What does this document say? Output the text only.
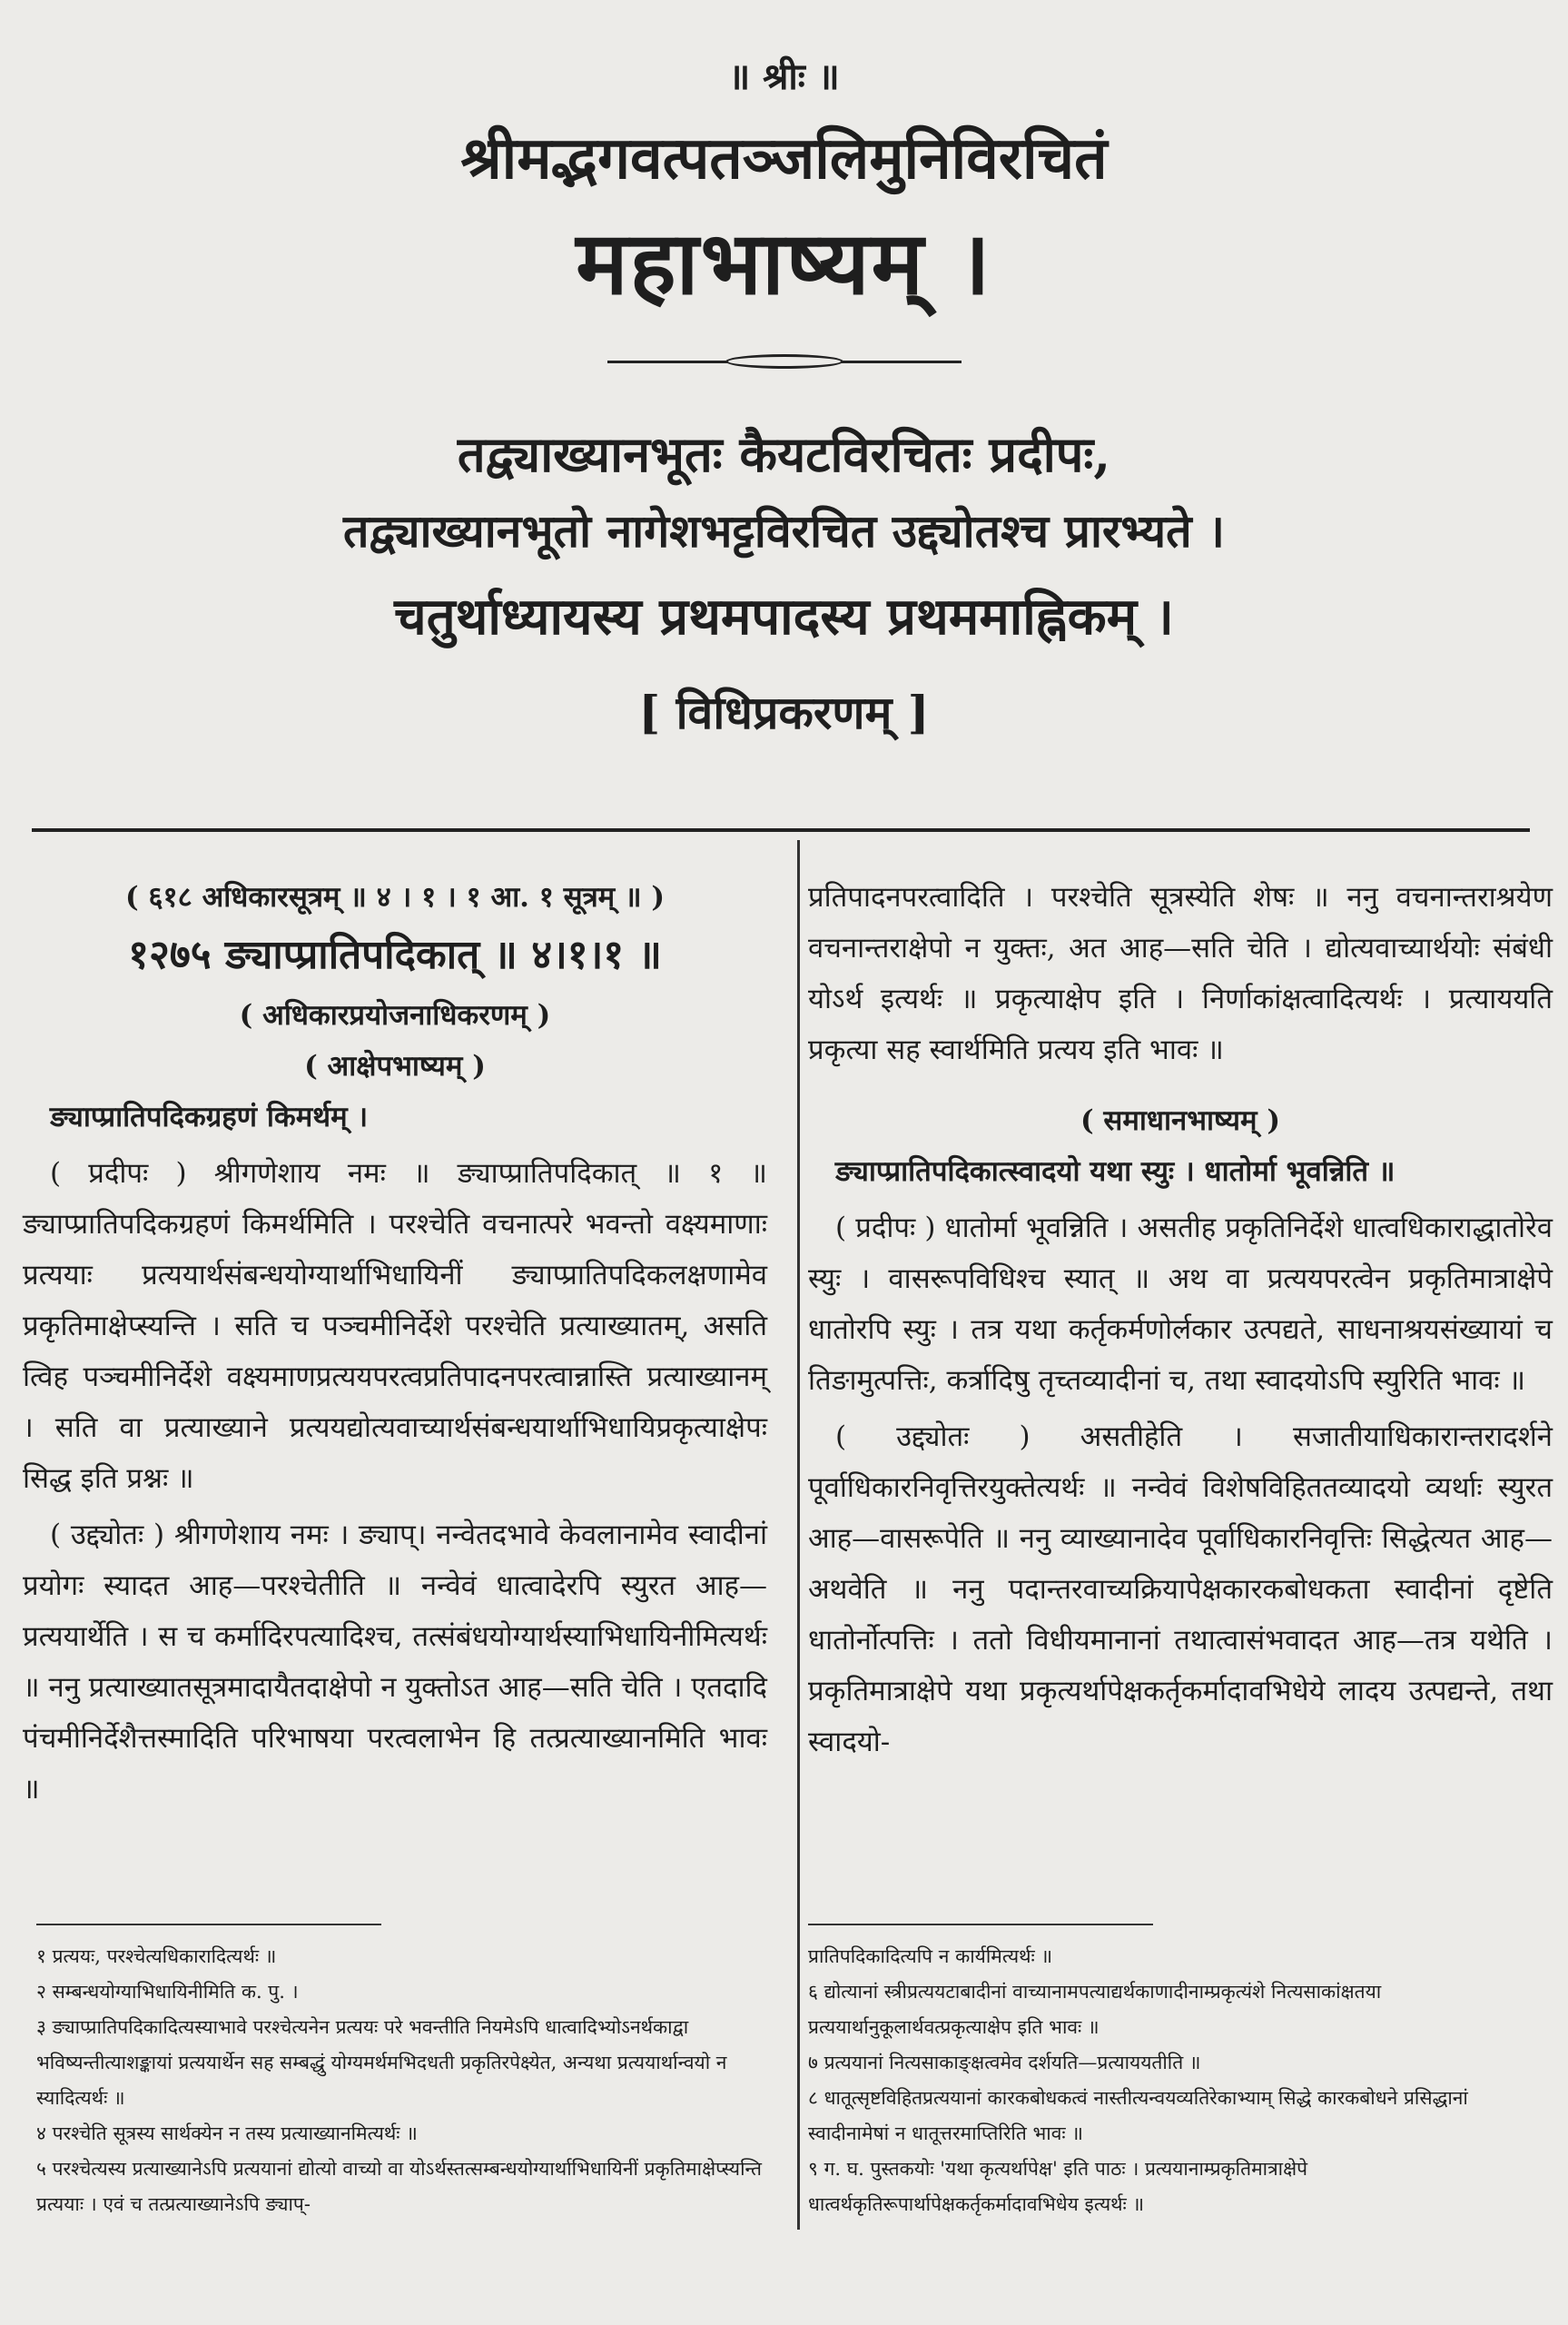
॥ श्रीः ॥
श्रीमद्भगवत्पतञ्जलिमुनिविरचितं
महाभाष्यम् ।
तद्व्याख्यानभूतः कैयटविरचितः प्रदीपः,
तद्व्याख्यानभूतो नागेशभट्टविरचित उद्द्योतश्च प्रारभ्यते ।
चतुर्थाध्यायस्य प्रथमपादस्य प्रथममाह्निकम् ।
[ विधिप्रकरणम् ]

( ६१८ अधिकारसूत्रम् ॥ ४ । १ । १ आ. १ सूत्रम् ॥ )

१२७५ ङ्याप्प्रातिपदिकात् ॥ ४।१।१ ॥

( अधिकारप्रयोजनाधिकरणम् )

( आक्षेपभाष्यम् )

ङ्याप्प्रातिपदिकग्रहणं किमर्थम् ।

( प्रदीपः ) श्रीगणेशाय नमः ॥ ङ्याप्प्रातिपदिकात् ॥ १ ॥ ङ्याप्प्रातिपदिकग्रहणं किमर्थमिति । परश्चेति वचनात्परे भवन्तो वक्ष्यमाणाः प्रत्ययाः प्रत्ययार्थसंबन्धयोग्यार्थाभिधायिनीं ङ्याप्प्रातिपदिकलक्षणामेव प्रकृतिमाक्षेप्स्यन्ति । सति च पञ्चमीनिर्देशे परश्चेति प्रत्याख्यातम्, असति त्विह पञ्चमीनिर्देशे वक्ष्यमाणप्रत्ययपरत्वप्रतिपादनपरत्वान्नास्ति प्रत्याख्यानम् । सति वा प्रत्याख्याने प्रत्ययद्योत्यवाच्यार्थसंबन्धयार्थाभिधायिप्रकृत्याक्षेपः सिद्ध इति प्रश्नः ॥

( उद्द्योतः ) श्रीगणेशाय नमः । ङ्याप्। नन्वेतदभावे केवलानामेव स्वादीनां प्रयोगः स्यादत आह—परश्चेतीति ॥ नन्वेवं धात्वादेरपि स्युरत आह—प्रत्ययार्थेति । स च कर्मादिरपत्यादिश्च, तत्संबंधयोग्यार्थस्याभिधायिनीमित्यर्थः ॥ ननु प्रत्याख्यातसूत्रमादायैतदाक्षेपो न युक्तोऽत आह—सति चेति । एतदादि पंचमीनिर्देशैत्तस्मादिति परिभाषया परत्वलाभेन हि तत्प्रत्याख्यानमिति भावः ॥

प्रतिपादनपरत्वादिति । परश्चेति सूत्रस्येति शेषः ॥ ननु वचनान्तराश्रयेण वचनान्तराक्षेपो न युक्तः, अत आह—सति चेति । द्योत्यवाच्यार्थयोः संबंधी योऽर्थ इत्यर्थः ॥ प्रकृत्याक्षेप इति । निर्णाकांक्षत्वादित्यर्थः । प्रत्याययति प्रकृत्या सह स्वार्थमिति प्रत्यय इति भावः ॥

( समाधानभाष्यम् )

ङ्याप्प्रातिपदिकात्स्वादयो यथा स्युः । धातोर्मा भूवन्निति ॥

( प्रदीपः ) धातोर्मा भूवन्निति । असतीह प्रकृतिनिर्देशे धात्वधिकाराद्धातोरेव स्युः । वासरूपविधिश्च स्यात् ॥ अथ वा प्रत्ययपरत्वेन प्रकृतिमात्राक्षेपे धातोरपि स्युः । तत्र यथा कर्तृकर्मणोर्लकार उत्पद्यते, साधनाश्रयसंख्यायां च तिङामुत्पत्तिः, कर्त्रादिषु तृच्तव्यादीनां च, तथा स्वादयोऽपि स्युरिति भावः ॥

( उद्द्योतः ) असतीहेति । सजातीयाधिकारान्तरादर्शने पूर्वाधिकारनिवृत्तिरयुक्तेत्यर्थः ॥ नन्वेवं विशेषविहिततव्यादयो व्यर्थाः स्युरत आह—वासरूपेति ॥ ननु व्याख्यानादेव पूर्वाधिकारनिवृत्तिः सिद्धेत्यत आह—अथवेति ॥ ननु पदान्तरवाच्यक्रियापेक्षकारकबोधकता स्वादीनां दृष्टेति धातोर्नोत्पत्तिः । ततो विधीयमानानां तथात्वासंभवादत आह—तत्र यथेति । प्रकृतिमात्राक्षेपे यथा प्रकृत्यर्थापेक्षकर्तृकर्मादावभिधेये लादय उत्पद्यन्ते, तथा स्वादयो-

१ प्रत्ययः, परश्चेत्यधिकारादित्यर्थः ॥

२ सम्बन्धयोग्याभिधायिनीमिति क. पु. ।

३ ङ्याप्प्रातिपदिकादित्यस्याभावे परश्चेत्यनेन प्रत्ययः परे भवन्तीति नियमेऽपि धात्वादिभ्योऽनर्थकाद्वा भविष्यन्तीत्याशङ्कायां प्रत्ययार्थेन सह सम्बद्धुं योग्यमर्थमभिदधती प्रकृतिरपेक्ष्येत, अन्यथा प्रत्ययार्थान्वयो न स्यादित्यर्थः ॥

४ परश्चेति सूत्रस्य सार्थक्येन न तस्य प्रत्याख्यानमित्यर्थः ॥

५ परश्चेत्यस्य प्रत्याख्यानेऽपि प्रत्ययानां द्योत्यो वाच्यो वा योऽर्थस्तत्सम्बन्धयोग्यार्थाभिधायिनीं प्रकृतिमाक्षेप्स्यन्ति प्रत्ययाः । एवं च तत्प्रत्याख्यानेऽपि ङ्याप्-

प्रातिपदिकादित्यपि न कार्यमित्यर्थः ॥

६ द्योत्यानां स्त्रीप्रत्ययटाबादीनां वाच्यानामपत्याद्यर्थकाणादीनाम्प्रकृत्यंशे नित्यसाकांक्षतया प्रत्ययार्थानुकूलार्थवत्प्रकृत्याक्षेप इति भावः ॥

७ प्रत्ययानां नित्यसाकाङ्क्षत्वमेव दर्शयति—प्रत्याययतीति ॥

८ धातूत्सृष्टविहितप्रत्ययानां कारकबोधकत्वं नास्तीत्यन्वयव्यतिरेकाभ्याम् सिद्धे कारकबोधने प्रसिद्धानां स्वादीनामेषां न धातूत्तरमाप्तिरिति भावः ॥

९ ग. घ. पुस्तकयोः 'यथा कृत्यर्थापेक्ष' इति पाठः । प्रत्ययानाम्प्रकृतिमात्राक्षेपे धात्वर्थकृतिरूपार्थापेक्षकर्तृकर्मादावभिधेय इत्यर्थः ॥
